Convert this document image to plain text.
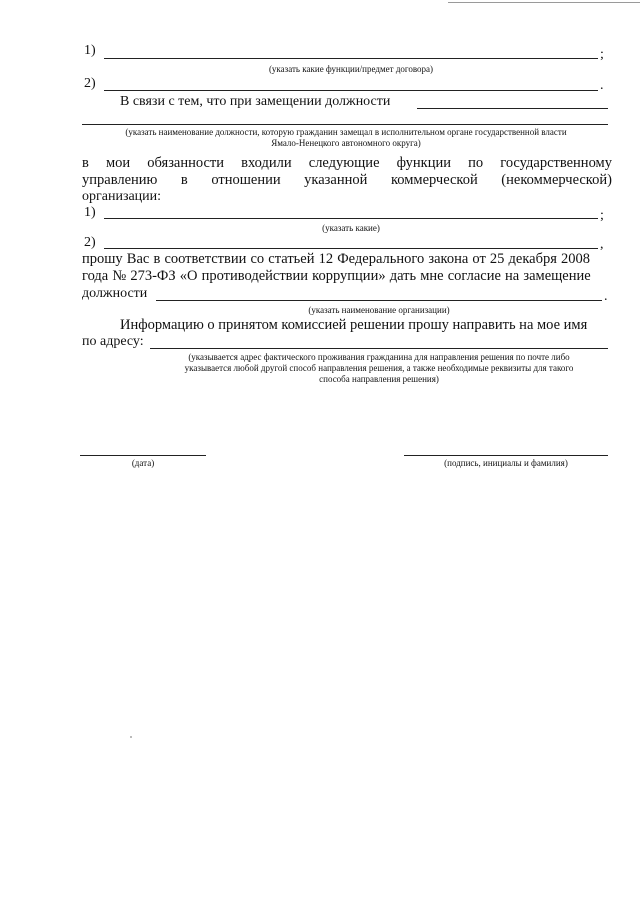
1)	;
(указать какие функции/предмет договора)
2)	.
В связи с тем, что при замещении должности
(указать наименование должности, которую гражданин замещал в исполнительном органе государственной власти
Ямало-Ненецкого автономного округа)
в мои обязанности входили следующие функции по государственному
управлению в отношении указанной коммерческой (некоммерческой)
организации:
1)	;
(указать какие)
2)	,
прошу Вас в соответствии со статьей 12 Федерального закона от 25 декабря 2008
года № 273-ФЗ «О противодействии коррупции» дать мне согласие на замещение
должности	.
(указать наименование организации)
Информацию о принятом комиссией решении прошу направить на мое имя
по адресу:
(указывается адрес фактического проживания гражданина для направления решения по почте либо
указывается любой другой способ направления решения, а также необходимые реквизиты для такого
способа направления решения)
(дата)	(подпись, инициалы и фамилия)
